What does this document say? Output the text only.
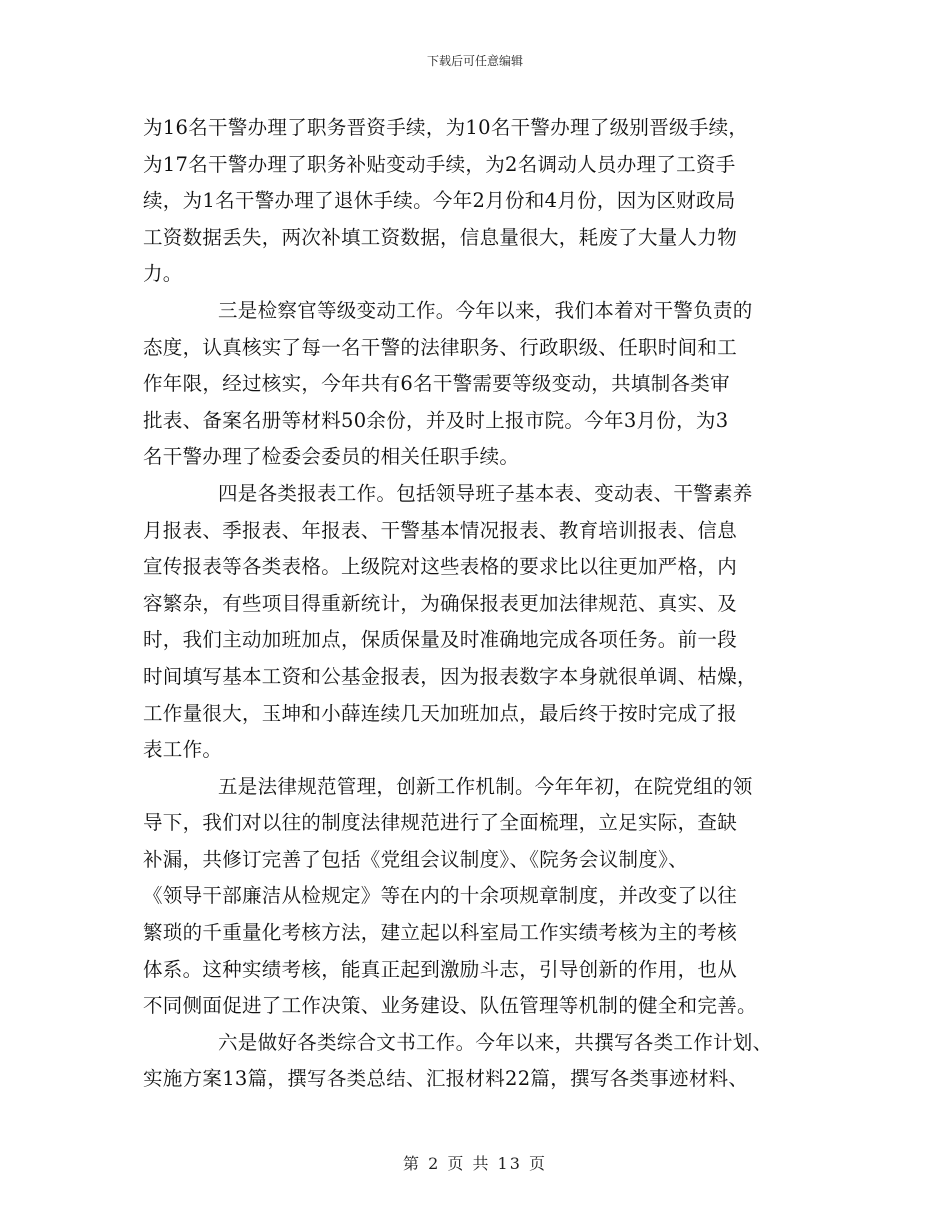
下载后可任意编辑
为16名干警办理了职务晋资手续，为10名干警办理了级别晋级手续，
为17名干警办理了职务补贴变动手续，为2名调动人员办理了工资手
续，为1名干警办理了退休手续。今年2月份和4月份，因为区财政局
工资数据丢失，两次补填工资数据，信息量很大，耗废了大量人力物
力。
三是检察官等级变动工作。今年以来，我们本着对干警负责的
态度，认真核实了每一名干警的法律职务、行政职级、任职时间和工
作年限，经过核实，今年共有6名干警需要等级变动，共填制各类审
批表、备案名册等材料50余份，并及时上报市院。今年3月份，为3
名干警办理了检委会委员的相关任职手续。
四是各类报表工作。包括领导班子基本表、变动表、干警素养
月报表、季报表、年报表、干警基本情况报表、教育培训报表、信息
宣传报表等各类表格。上级院对这些表格的要求比以往更加严格，内
容繁杂，有些项目得重新统计，为确保报表更加法律规范、真实、及
时，我们主动加班加点，保质保量及时准确地完成各项任务。前一段
时间填写基本工资和公基金报表，因为报表数字本身就很单调、枯燥，
工作量很大，玉坤和小薛连续几天加班加点，最后终于按时完成了报
表工作。
五是法律规范管理，创新工作机制。今年年初，在院党组的领
导下，我们对以往的制度法律规范进行了全面梳理，立足实际，查缺
补漏，共修订完善了包括《党组会议制度》、《院务会议制度》、
《领导干部廉洁从检规定》等在内的十余项规章制度，并改变了以往
繁琐的千重量化考核方法，建立起以科室局工作实绩考核为主的考核
体系。这种实绩考核，能真正起到激励斗志，引导创新的作用，也从
不同侧面促进了工作决策、业务建设、队伍管理等机制的健全和完善。
六是做好各类综合文书工作。今年以来，共撰写各类工作计划、
实施方案13篇，撰写各类总结、汇报材料22篇，撰写各类事迹材料、
第 2 页 共 13 页
